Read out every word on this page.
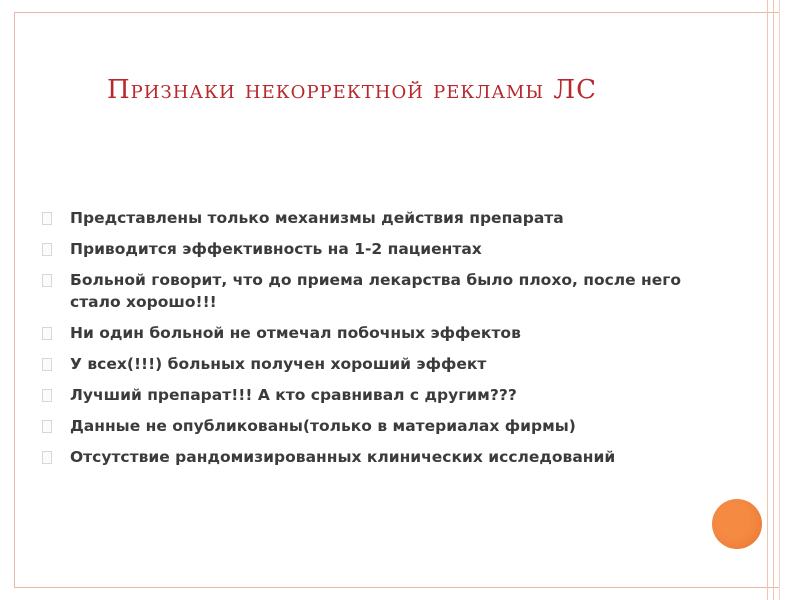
Признаки некорректной рекламы ЛС
Представлены только механизмы действия препарата
Приводится эффективность на 1-2 пациентах
Больной говорит, что до приема лекарства было плохо, после него стало хорошо!!!
Ни один больной не отмечал побочных эффектов
У всех(!!!) больных получен хороший эффект
Лучший препарат!!! А кто сравнивал с другим???
Данные не опубликованы(только в материалах фирмы)
Отсутствие рандомизированных клинических исследований
